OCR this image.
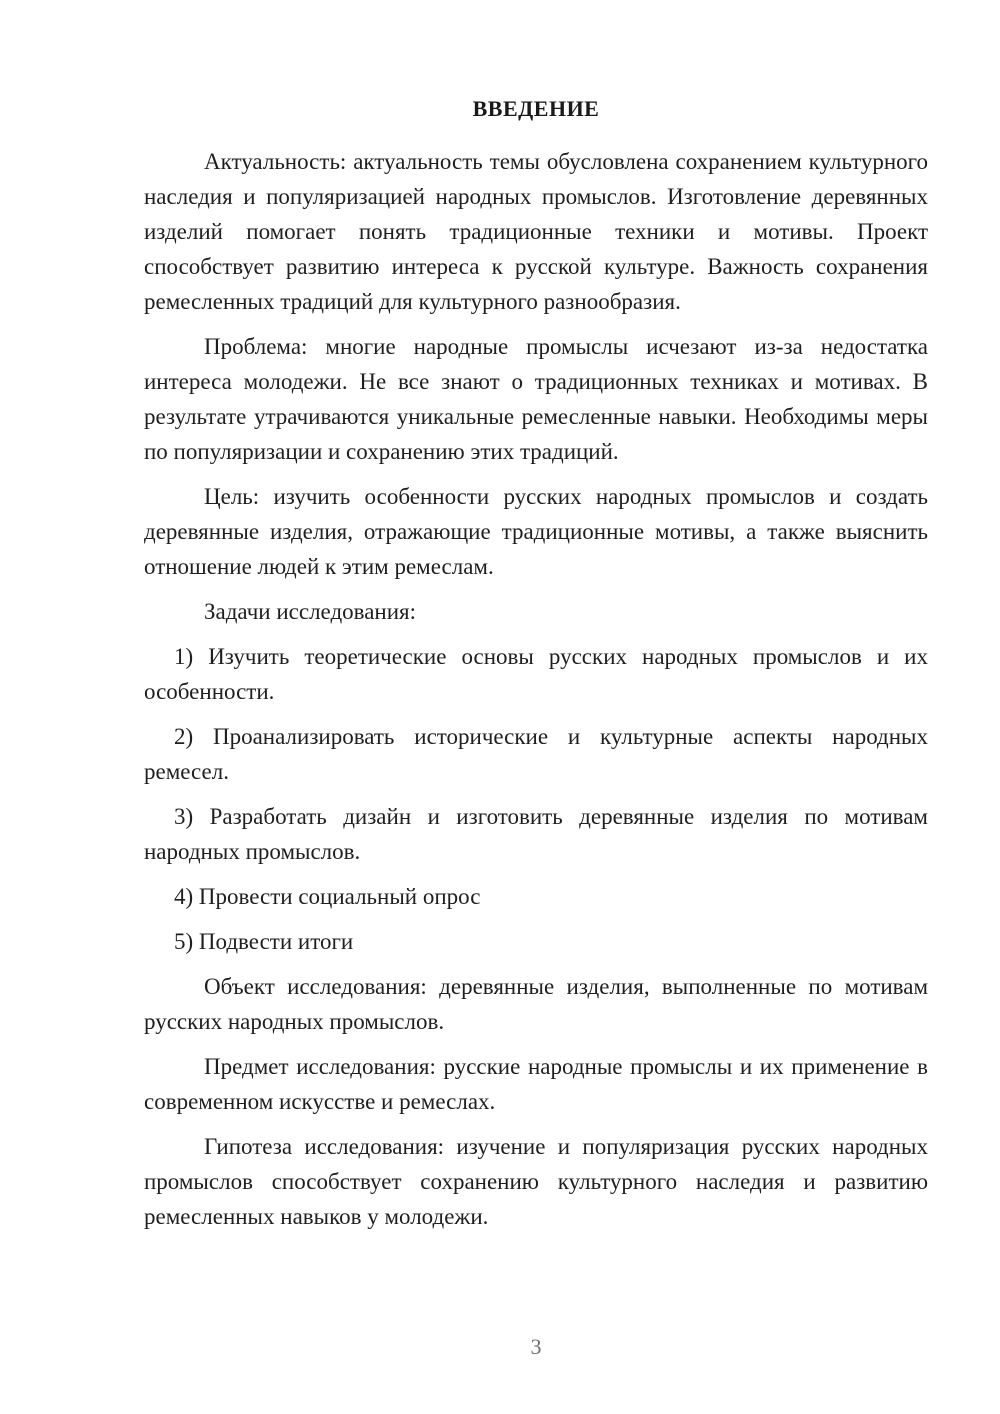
ВВЕДЕНИЕ

Актуальность: актуальность темы обусловлена сохранением культурного наследия и популяризацией народных промыслов. Изготовление деревянных изделий помогает понять традиционные техники и мотивы. Проект способствует развитию интереса к русской культуре. Важность сохранения ремесленных традиций для культурного разнообразия.

Проблема: многие народные промыслы исчезают из-за недостатка интереса молодежи. Не все знают о традиционных техниках и мотивах. В результате утрачиваются уникальные ремесленные навыки. Необходимы меры по популяризации и сохранению этих традиций.

Цель: изучить особенности русских народных промыслов и создать деревянные изделия, отражающие традиционные мотивы, а также выяснить отношение людей к этим ремеслам.

Задачи исследования:

1) Изучить теоретические основы русских народных промыслов и их особенности.

2) Проанализировать исторические и культурные аспекты народных ремесел.

3) Разработать дизайн и изготовить деревянные изделия по мотивам народных промыслов.

4) Провести социальный опрос

5) Подвести итоги

Объект исследования: деревянные изделия, выполненные по мотивам русских народных промыслов.

Предмет исследования: русские народные промыслы и их применение в современном искусстве и ремеслах.

Гипотеза исследования: изучение и популяризация русских народных промыслов способствует сохранению культурного наследия и развитию ремесленных навыков у молодежи.

3
